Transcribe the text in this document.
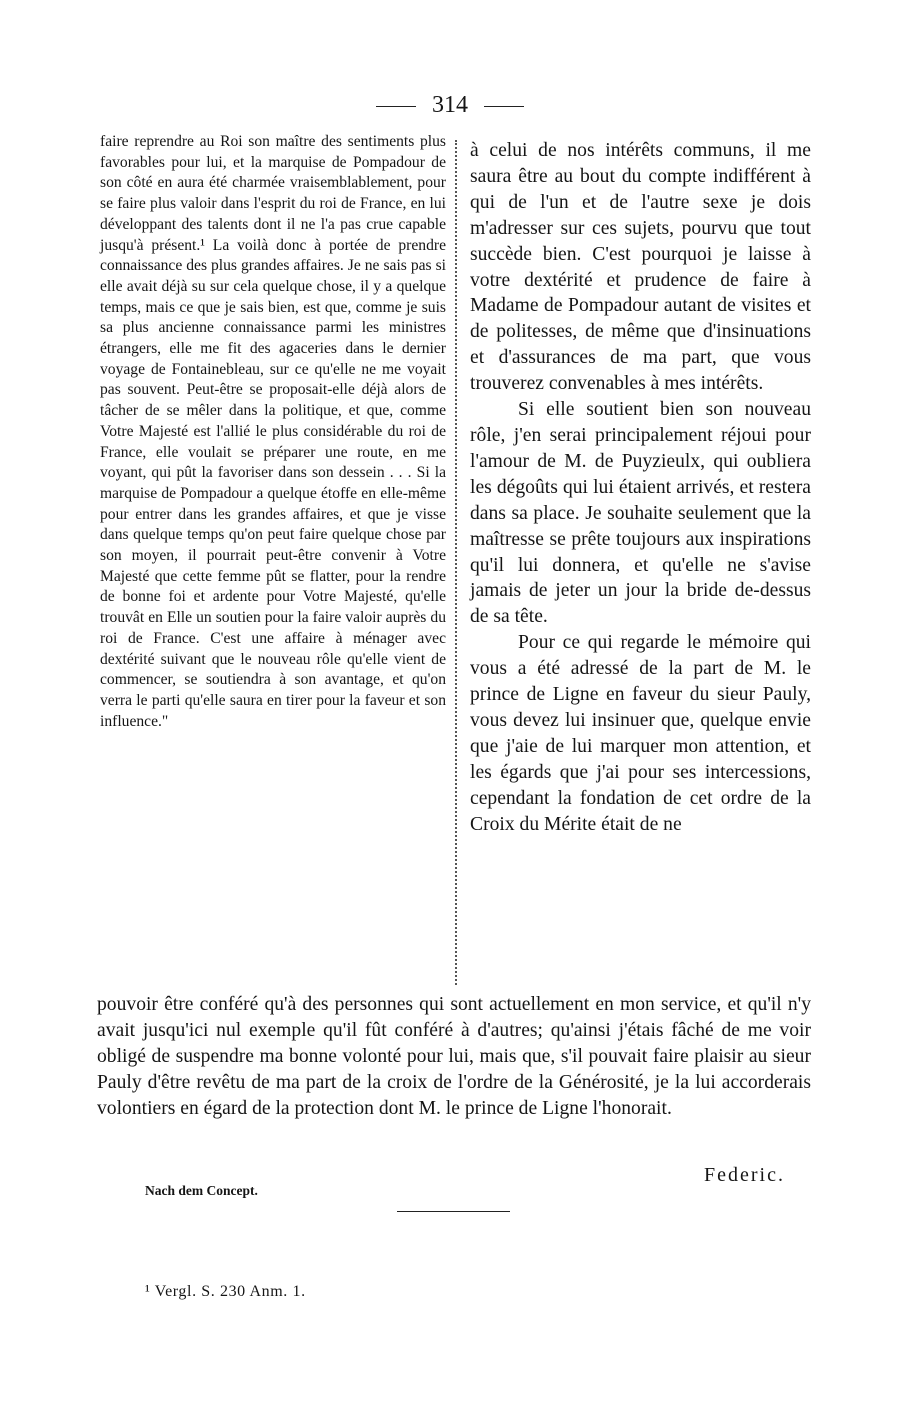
314

faire reprendre au Roi son maître des sentiments plus favorables pour lui, et la marquise de Pompadour de son côté en aura été charmée vraisemblablement, pour se faire plus valoir dans l'esprit du roi de France, en lui développant des talents dont il ne l'a pas crue capable jusqu'à présent.¹ La voilà donc à portée de prendre connaissance des plus grandes affaires. Je ne sais pas si elle avait déjà su sur cela quelque chose, il y a quelque temps, mais ce que je sais bien, est que, comme je suis sa plus ancienne connaissance parmi les ministres étrangers, elle me fit des agaceries dans le dernier voyage de Fontainebleau, sur ce qu'elle ne me voyait pas souvent. Peut-être se proposait-elle déjà alors de tâcher de se mêler dans la politique, et que, comme Votre Majesté est l'allié le plus considérable du roi de France, elle voulait se préparer une route, en me voyant, qui pût la favoriser dans son dessein . . . Si la marquise de Pompadour a quelque étoffe en elle-même pour entrer dans les grandes affaires, et que je visse dans quelque temps qu'on peut faire quelque chose par son moyen, il pourrait peut-être convenir à Votre Majesté que cette femme pût se flatter, pour la rendre de bonne foi et ardente pour Votre Majesté, qu'elle trouvât en Elle un soutien pour la faire valoir auprès du roi de France. C'est une affaire à ménager avec dextérité suivant que le nouveau rôle qu'elle vient de commencer, se soutiendra à son avantage, et qu'on verra le parti qu'elle saura en tirer pour la faveur et son influence."

à celui de nos intérêts communs, il me saura être au bout du compte indifférent à qui de l'un et de l'autre sexe je dois m'adresser sur ces sujets, pourvu que tout succède bien. C'est pourquoi je laisse à votre dextérité et prudence de faire à Madame de Pompadour autant de visites et de politesses, de même que d'insinuations et d'assurances de ma part, que vous trouverez convenables à mes intérêts.

Si elle soutient bien son nouveau rôle, j'en serai principalement réjoui pour l'amour de M. de Puyzieulx, qui oubliera les dégoûts qui lui étaient arrivés, et restera dans sa place. Je souhaite seulement que la maîtresse se prête toujours aux inspirations qu'il lui donnera, et qu'elle ne s'avise jamais de jeter un jour la bride de-dessus de sa tête.

Pour ce qui regarde le mémoire qui vous a été adressé de la part de M. le prince de Ligne en faveur du sieur Pauly, vous devez lui insinuer que, quelque envie que j'aie de lui marquer mon attention, et les égards que j'ai pour ses intercessions, cependant la fondation de cet ordre de la Croix du Mérite était de ne

pouvoir être conféré qu'à des personnes qui sont actuellement en mon service, et qu'il n'y avait jusqu'ici nul exemple qu'il fût conféré à d'autres; qu'ainsi j'étais fâché de me voir obligé de suspendre ma bonne volonté pour lui, mais que, s'il pouvait faire plaisir au sieur Pauly d'être revêtu de ma part de la croix de l'ordre de la Générosité, je la lui accorderais volontiers en égard de la protection dont M. le prince de Ligne l'honorait.

Federic.
Nach dem Concept.
¹ Vergl. S. 230 Anm. 1.
